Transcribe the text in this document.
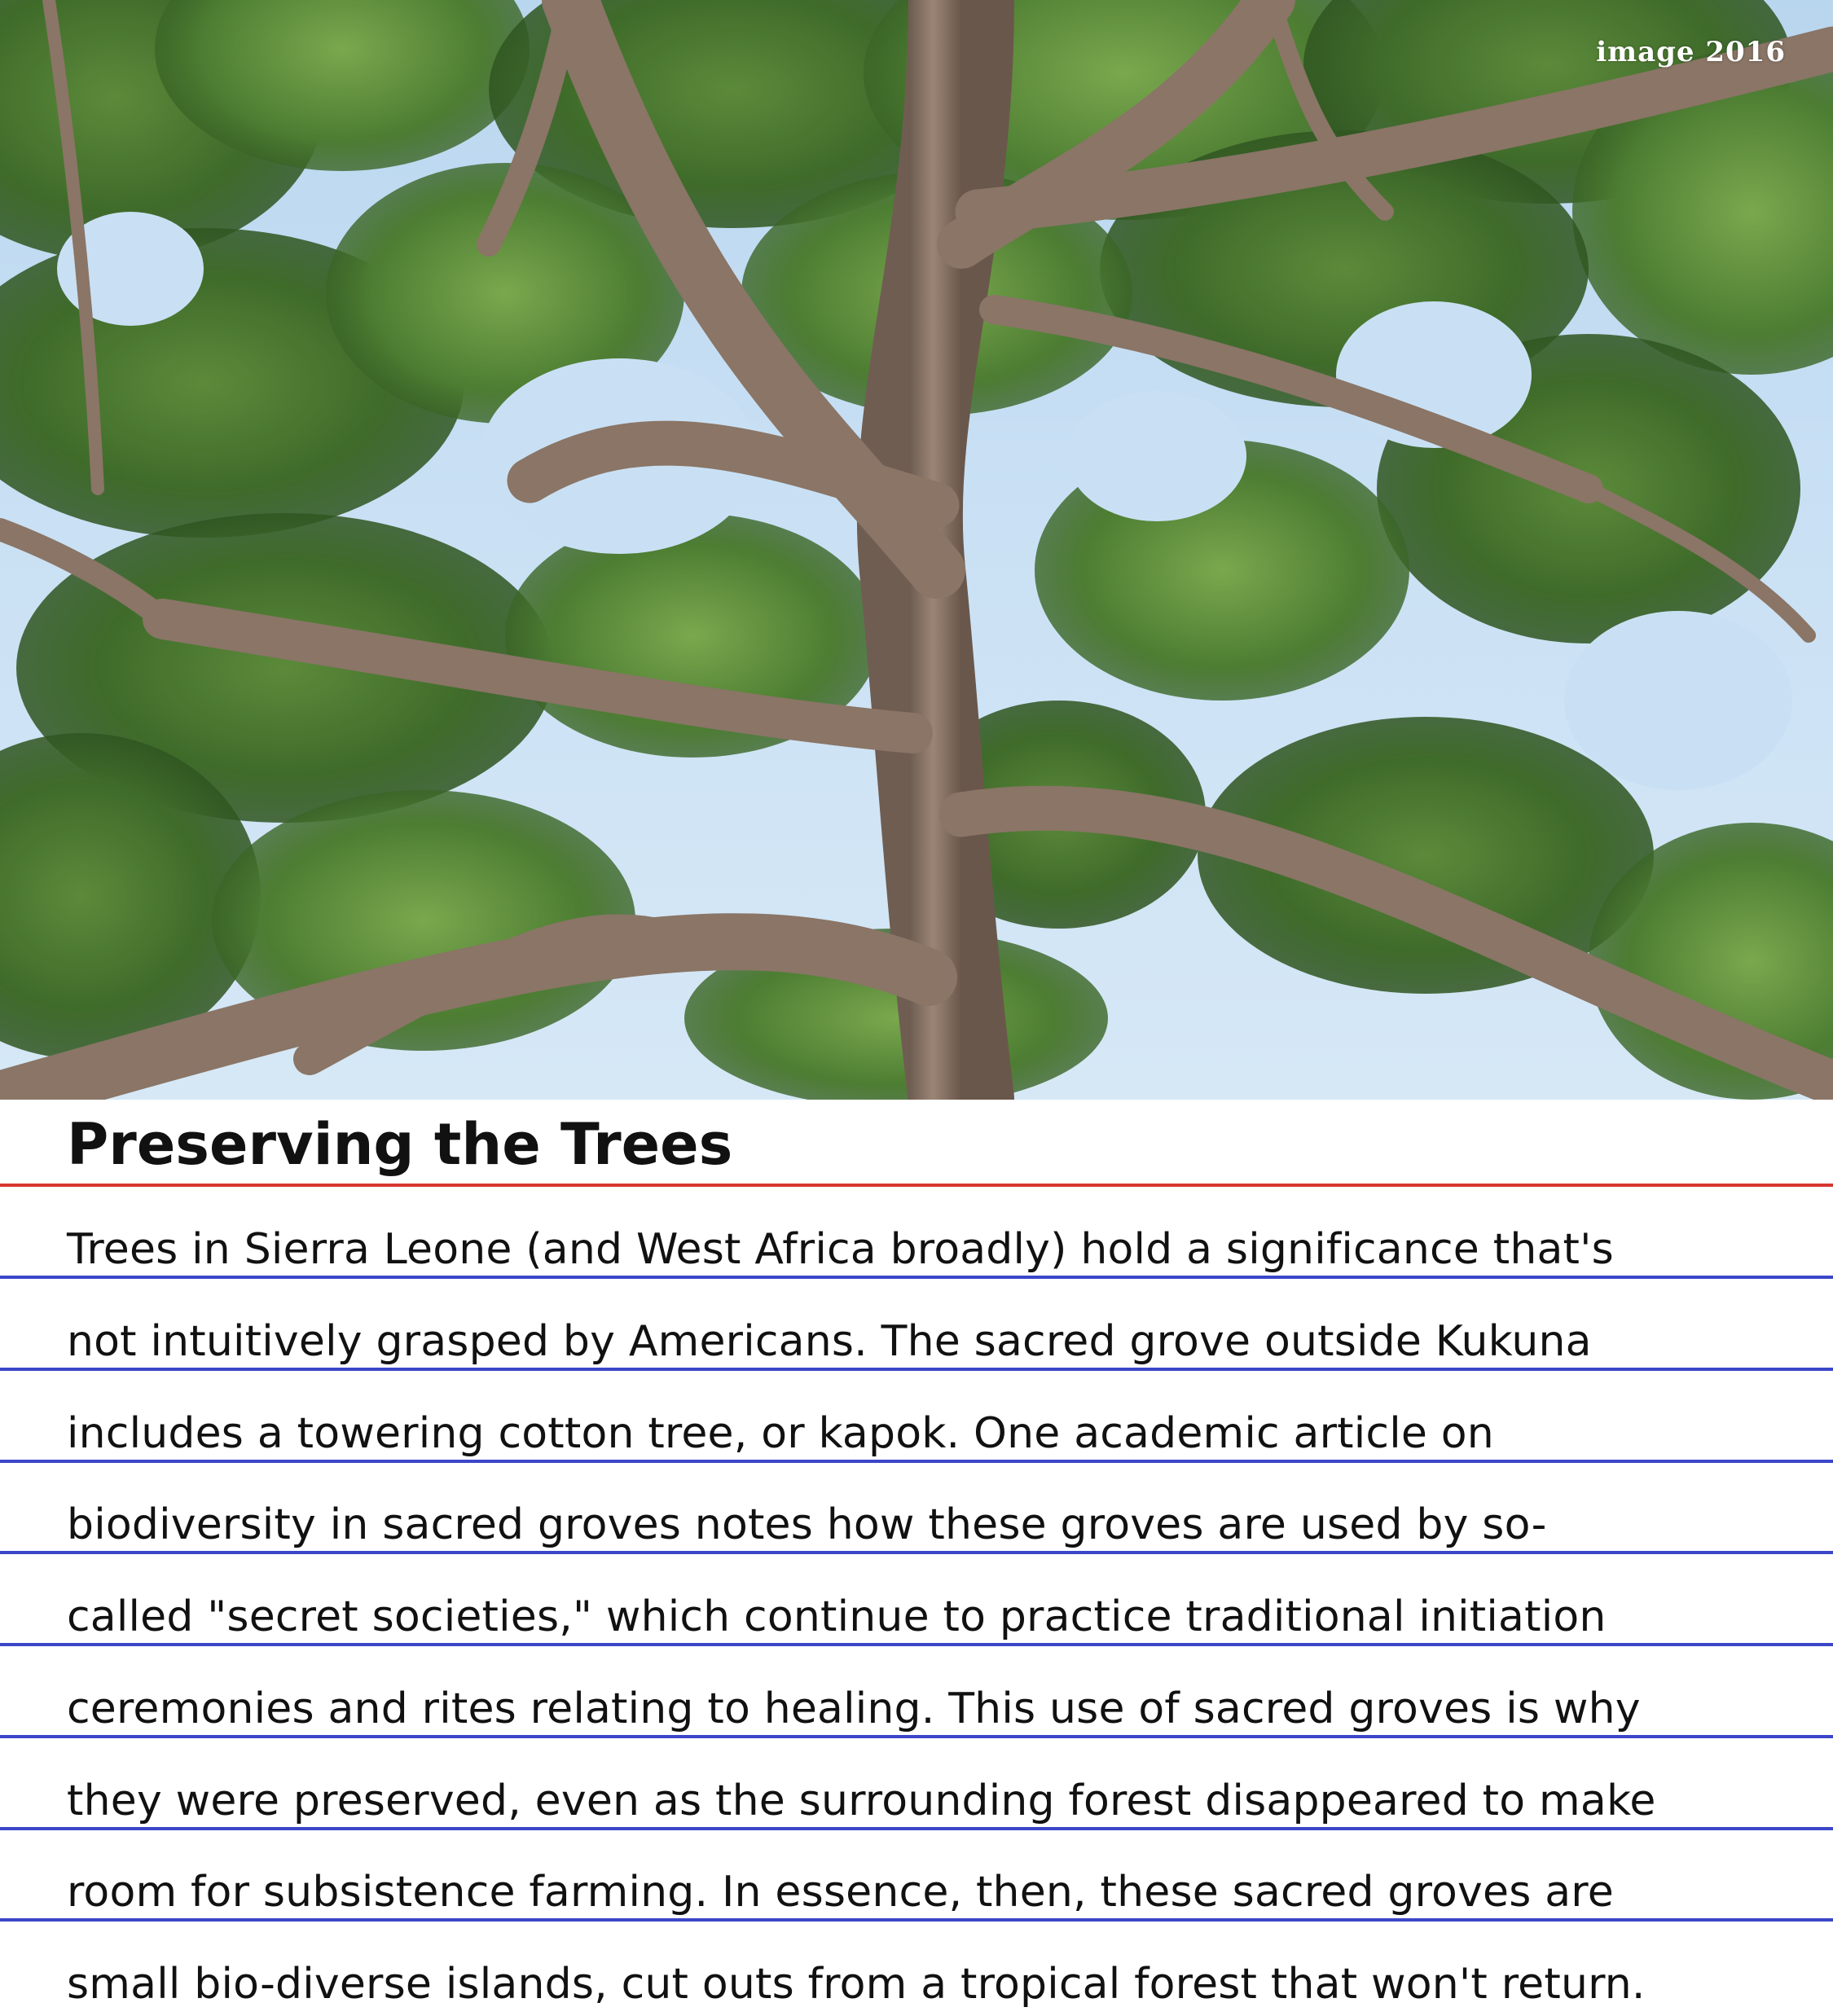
image 2016
Preserving the Trees
Trees in Sierra Leone (and West Africa broadly) hold a significance that's
not intuitively grasped by Americans. The sacred grove outside Kukuna
includes a towering cotton tree, or kapok. One academic article on
biodiversity in sacred groves notes how these groves are used by so-
called "secret societies," which continue to practice traditional initiation
ceremonies and rites relating to healing. This use of sacred groves is why
they were preserved, even as the surrounding forest disappeared to make
room for subsistence farming. In essence, then, these sacred groves are
small bio-diverse islands, cut outs from a tropical forest that won't return.
